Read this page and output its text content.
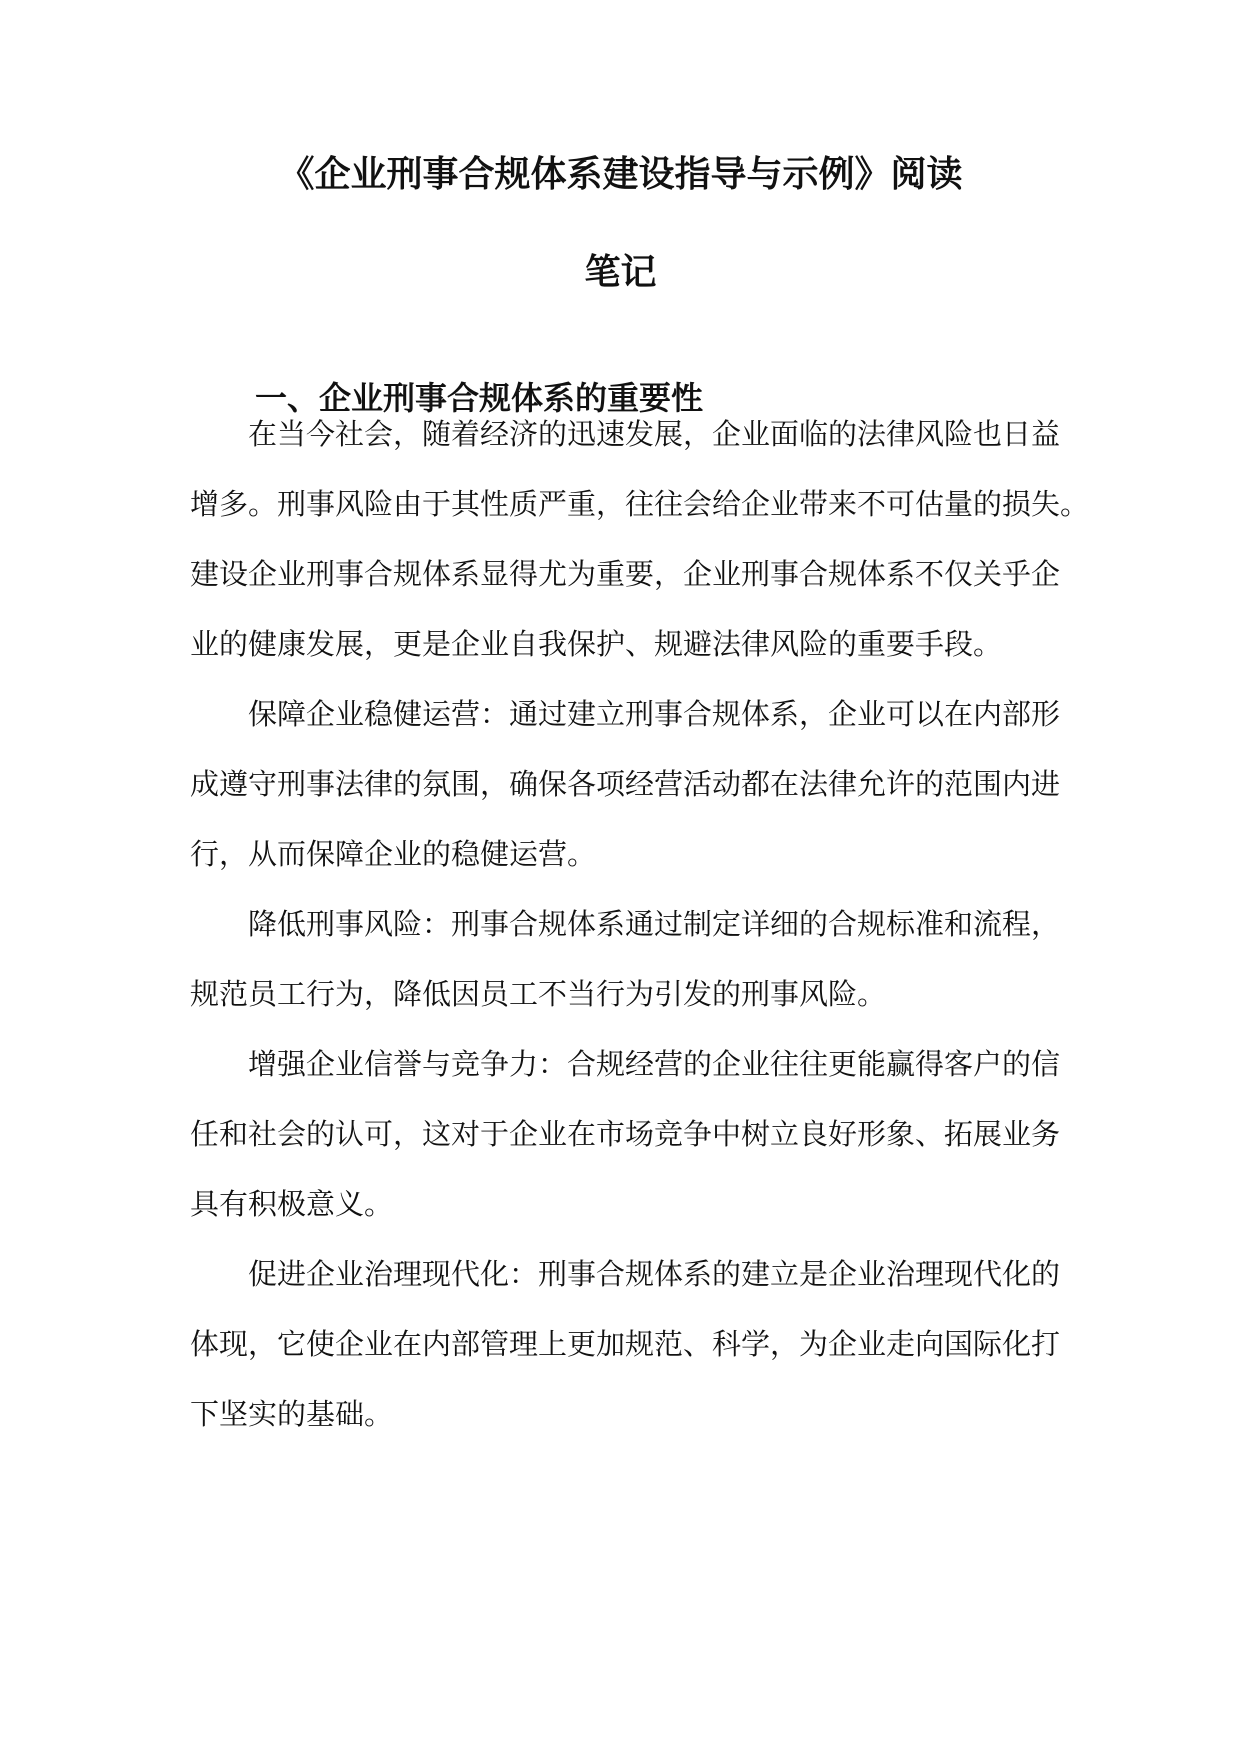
《企业刑事合规体系建设指导与示例》阅读
笔记
一、企业刑事合规体系的重要性
在当今社会，随着经济的迅速发展，企业面临的法律风险也日益
增多。刑事风险由于其性质严重，往往会给企业带来不可估量的损失。
建设企业刑事合规体系显得尤为重要，企业刑事合规体系不仅关乎企
业的健康发展，更是企业自我保护、规避法律风险的重要手段。
保障企业稳健运营：通过建立刑事合规体系，企业可以在内部形
成遵守刑事法律的氛围，确保各项经营活动都在法律允许的范围内进
行，从而保障企业的稳健运营。
降低刑事风险：刑事合规体系通过制定详细的合规标准和流程，
规范员工行为，降低因员工不当行为引发的刑事风险。
增强企业信誉与竞争力：合规经营的企业往往更能赢得客户的信
任和社会的认可，这对于企业在市场竞争中树立良好形象、拓展业务
具有积极意义。
促进企业治理现代化：刑事合规体系的建立是企业治理现代化的
体现，它使企业在内部管理上更加规范、科学，为企业走向国际化打
下坚实的基础。
